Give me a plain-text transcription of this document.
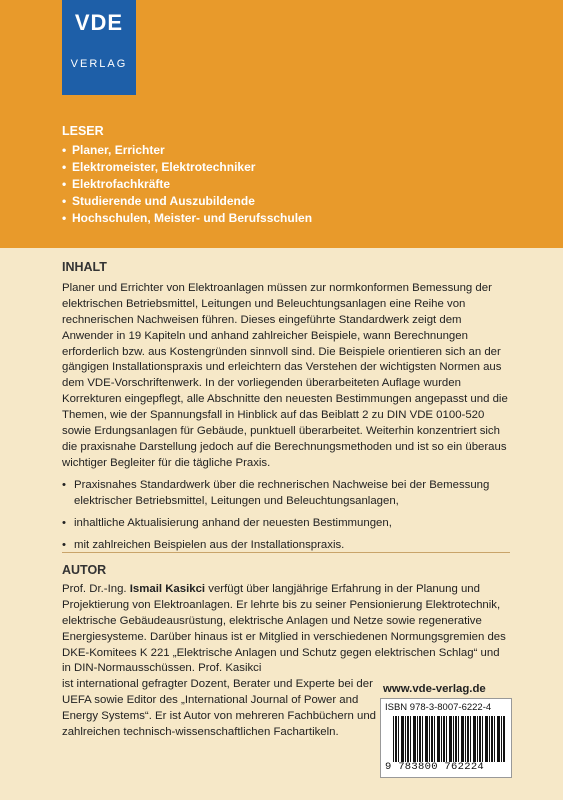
VDE
VERLAG
LESER
• Planer, Errichter
• Elektromeister, Elektrotechniker
• Elektrofachkräfte
• Studierende und Auszubildende
• Hochschulen, Meister- und Berufsschulen
INHALT

Planer und Errichter von Elektroanlagen müssen zur normkonformen Bemessung der elektrischen Betriebsmittel, Leitungen und Beleuchtungsanlagen eine Reihe von rechnerischen Nachweisen führen. Dieses eingeführte Standardwerk zeigt dem Anwender in 19 Kapiteln und anhand zahlreicher Beispiele, wann Berechnungen erforderlich bzw. aus Kostengründen sinnvoll sind. Die Beispiele orientieren sich an der gängigen Installationspraxis und erleichtern das Verstehen der wichtigsten Normen aus dem VDE-Vorschriftenwerk. In der vorliegenden überarbeiteten Auflage wurden Korrekturen eingepflegt, alle Abschnitte den neuesten Bestimmungen angepasst und die Themen, wie der Spannungsfall in Hinblick auf das Beiblatt 2 zu DIN VDE 0100-520 sowie Erdungsanlagen für Gebäude, punktuell überarbeitet. Weiterhin konzentriert sich die praxisnahe Darstellung jedoch auf die Berechnungsmethoden und ist so ein überaus wichtiger Begleiter für die tägliche Praxis.

• Praxisnahes Standardwerk über die rechnerischen Nachweise bei der Bemessung elektrischer Betriebsmittel, Leitungen und Beleuchtungsanlagen,
• inhaltliche Aktualisierung anhand der neuesten Bestimmungen,
• mit zahlreichen Beispielen aus der Installationspraxis.
AUTOR

Prof. Dr.-Ing. Ismail Kasikci verfügt über langjährige Erfahrung in der Planung und Projektierung von Elektroanlagen. Er lehrte bis zu seiner Pensionierung Elektrotechnik, elektrische Gebäudeausrüstung, elektrische Anlagen und Netze sowie regenerative Energiesysteme. Darüber hinaus ist er Mitglied in verschiedenen Normungsgremien des DKE-Komitees K 221 „Elektrische Anlagen und Schutz gegen elektrischen Schlag“ und in DIN-Normausschüssen. Prof. Kasikci

ist international gefragter Dozent, Berater und Experte bei der UEFA sowie Editor des „International Journal of Power and Energy Systems“. Er ist Autor von mehreren Fachbüchern und zahlreichen technisch-wissenschaftlichen Fachartikeln.

www.vde-verlag.de
ISBN 978-3-8007-6222-4
9 783800 762224
